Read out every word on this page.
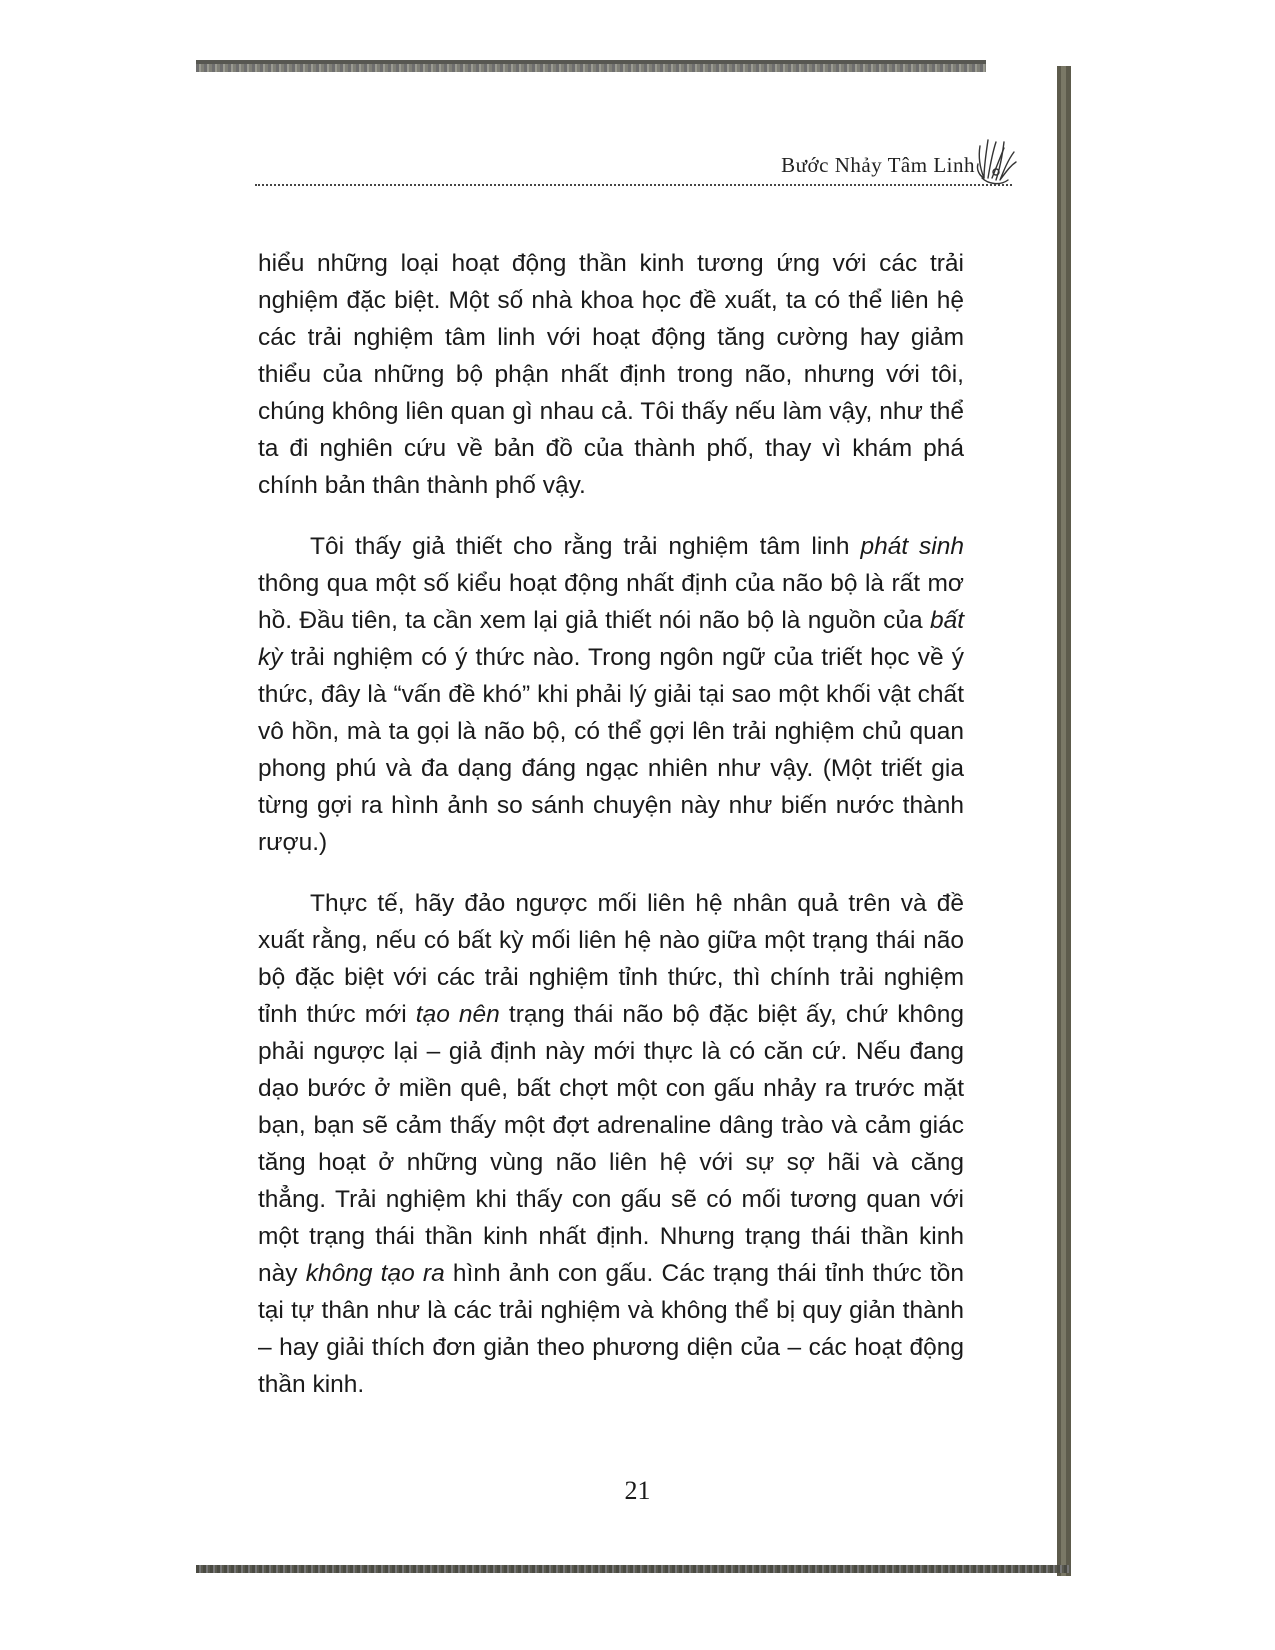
Bước Nhảy Tâm Linh

hiểu những loại hoạt động thần kinh tương ứng với các trải nghiệm đặc biệt. Một số nhà khoa học đề xuất, ta có thể liên hệ các trải nghiệm tâm linh với hoạt động tăng cường hay giảm thiểu của những bộ phận nhất định trong não, nhưng với tôi, chúng không liên quan gì nhau cả. Tôi thấy nếu làm vậy, như thể ta đi nghiên cứu về bản đồ của thành phố, thay vì khám phá chính bản thân thành phố vậy.

Tôi thấy giả thiết cho rằng trải nghiệm tâm linh phát sinh thông qua một số kiểu hoạt động nhất định của não bộ là rất mơ hồ. Đầu tiên, ta cần xem lại giả thiết nói não bộ là nguồn của bất kỳ trải nghiệm có ý thức nào. Trong ngôn ngữ của triết học về ý thức, đây là “vấn đề khó” khi phải lý giải tại sao một khối vật chất vô hồn, mà ta gọi là não bộ, có thể gợi lên trải nghiệm chủ quan phong phú và đa dạng đáng ngạc nhiên như vậy. (Một triết gia từng gợi ra hình ảnh so sánh chuyện này như biến nước thành rượu.)

Thực tế, hãy đảo ngược mối liên hệ nhân quả trên và đề xuất rằng, nếu có bất kỳ mối liên hệ nào giữa một trạng thái não bộ đặc biệt với các trải nghiệm tỉnh thức, thì chính trải nghiệm tỉnh thức mới tạo nên trạng thái não bộ đặc biệt ấy, chứ không phải ngược lại – giả định này mới thực là có căn cứ. Nếu đang dạo bước ở miền quê, bất chợt một con gấu nhảy ra trước mặt bạn, bạn sẽ cảm thấy một đợt adrenaline dâng trào và cảm giác tăng hoạt ở những vùng não liên hệ với sự sợ hãi và căng thẳng. Trải nghiệm khi thấy con gấu sẽ có mối tương quan với một trạng thái thần kinh nhất định. Nhưng trạng thái thần kinh này không tạo ra hình ảnh con gấu. Các trạng thái tỉnh thức tồn tại tự thân như là các trải nghiệm và không thể bị quy giản thành – hay giải thích đơn giản theo phương diện của – các hoạt động thần kinh.

21
